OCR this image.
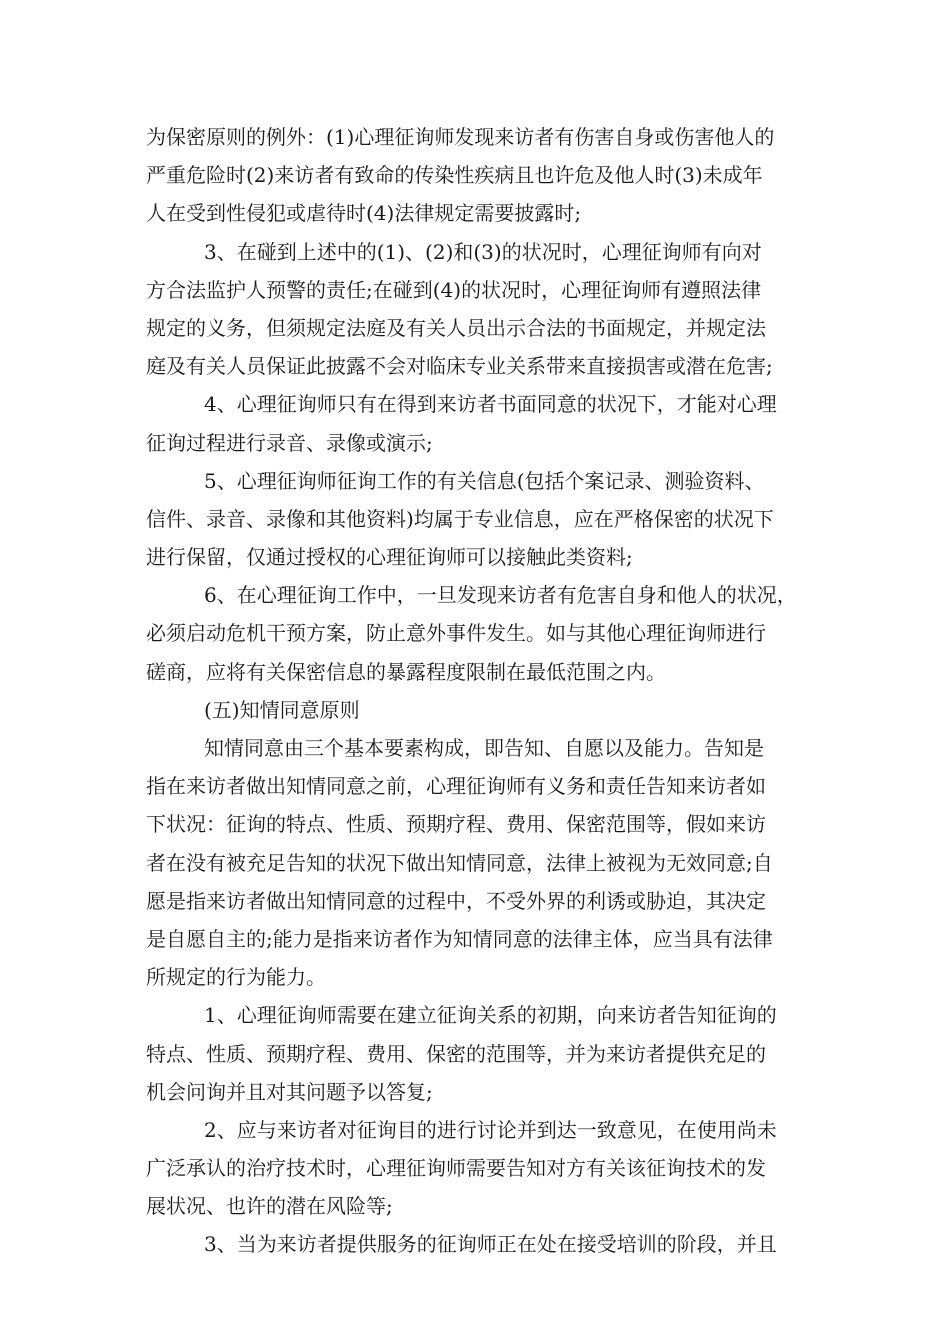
为保密原则的例外：(1)心理征询师发现来访者有伤害自身或伤害他人的
严重危险时(2)来访者有致命的传染性疾病且也许危及他人时(3)未成年
人在受到性侵犯或虐待时(4)法律规定需要披露时;
3、在碰到上述中的(1)、(2)和(3)的状况时，心理征询师有向对
方合法监护人预警的责任;在碰到(4)的状况时，心理征询师有遵照法律
规定的义务，但须规定法庭及有关人员出示合法的书面规定，并规定法
庭及有关人员保证此披露不会对临床专业关系带来直接损害或潜在危害;
4、心理征询师只有在得到来访者书面同意的状况下，才能对心理
征询过程进行录音、录像或演示;
5、心理征询师征询工作的有关信息(包括个案记录、测验资料、
信件、录音、录像和其他资料)均属于专业信息，应在严格保密的状况下
进行保留，仅通过授权的心理征询师可以接触此类资料;
6、在心理征询工作中，一旦发现来访者有危害自身和他人的状况，
必须启动危机干预方案，防止意外事件发生。如与其他心理征询师进行
磋商，应将有关保密信息的暴露程度限制在最低范围之内。
(五)知情同意原则
知情同意由三个基本要素构成，即告知、自愿以及能力。告知是
指在来访者做出知情同意之前，心理征询师有义务和责任告知来访者如
下状况：征询的特点、性质、预期疗程、费用、保密范围等，假如来访
者在没有被充足告知的状况下做出知情同意，法律上被视为无效同意;自
愿是指来访者做出知情同意的过程中，不受外界的利诱或胁迫，其决定
是自愿自主的;能力是指来访者作为知情同意的法律主体，应当具有法律
所规定的行为能力。
1、心理征询师需要在建立征询关系的初期，向来访者告知征询的
特点、性质、预期疗程、费用、保密的范围等，并为来访者提供充足的
机会问询并且对其问题予以答复;
2、应与来访者对征询目的进行讨论并到达一致意见，在使用尚未
广泛承认的治疗技术时，心理征询师需要告知对方有关该征询技术的发
展状况、也许的潜在风险等;
3、当为来访者提供服务的征询师正在处在接受培训的阶段，并且
